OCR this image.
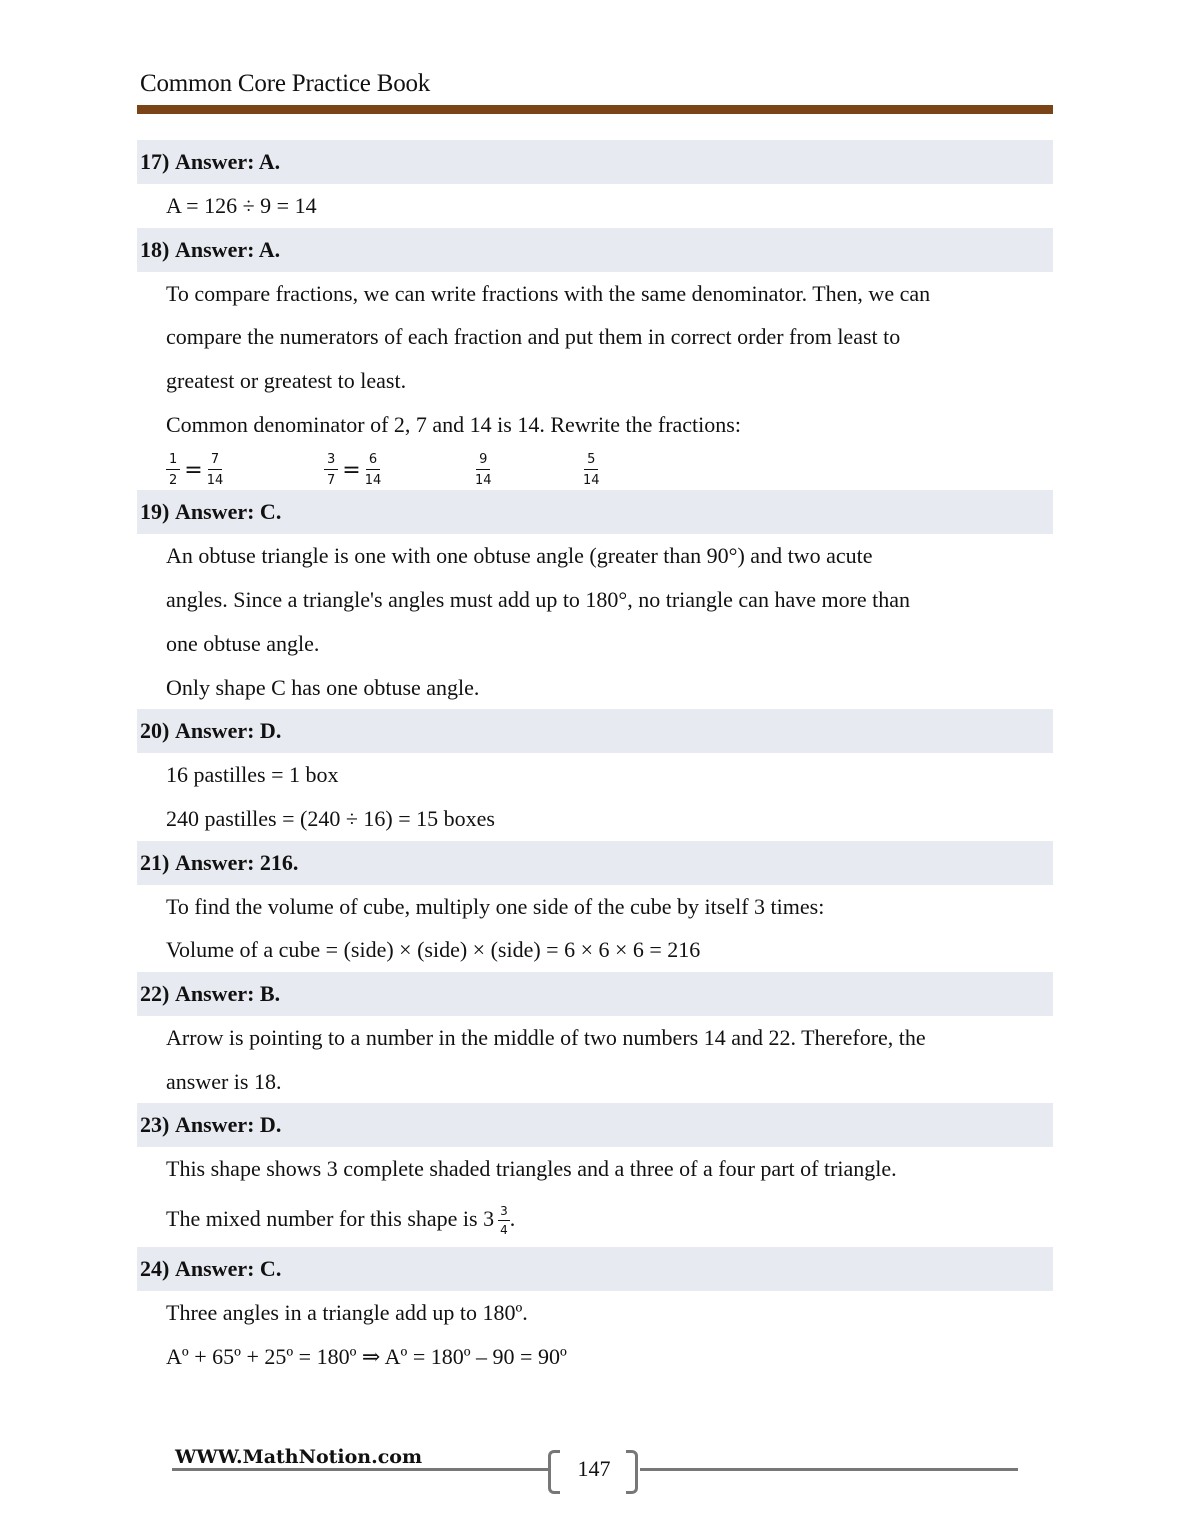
Common Core Practice Book
17) Answer: A.
A = 126 ÷ 9 = 14
18) Answer: A.
To compare fractions, we can write fractions with the same denominator. Then, we can
compare the numerators of each fraction and put them in correct order from least to
greatest or greatest to least.
Common denominator of 2, 7 and 14 is 14. Rewrite the fractions:
$\frac{1}{2} = \frac{7}{14}$	$\frac{3}{7} = \frac{6}{14}$	9
14
5
14
19) Answer: C.
An obtuse triangle is one with one obtuse angle (greater than 90°) and two acute
angles. Since a triangle's angles must add up to 180°, no triangle can have more than
one obtuse angle.
Only shape C has one obtuse angle.
20) Answer: D.
16 pastilles = 1 box
240 pastilles = (240 ÷ 16) = 15 boxes
21) Answer: 216.
To find the volume of cube, multiply one side of the cube by itself 3 times:
Volume of a cube = (side) × (side) × (side) = 6 × 6 × 6 = 216
22) Answer: B.
Arrow is pointing to a number in the middle of two numbers 14 and 22. Therefore, the
answer is 18.
23) Answer: D.
This shape shows 3 complete shaded triangles and a three of a four part of triangle.
The mixed number for this shape is $3 \frac{3}{4}$ .
24) Answer: C.
Three angles in a triangle add up to 180º.
Aº + 65º + 25º = 180º ⇒ Aº = 180º – 90 = 90º
WWW.MathNotion.com	147
